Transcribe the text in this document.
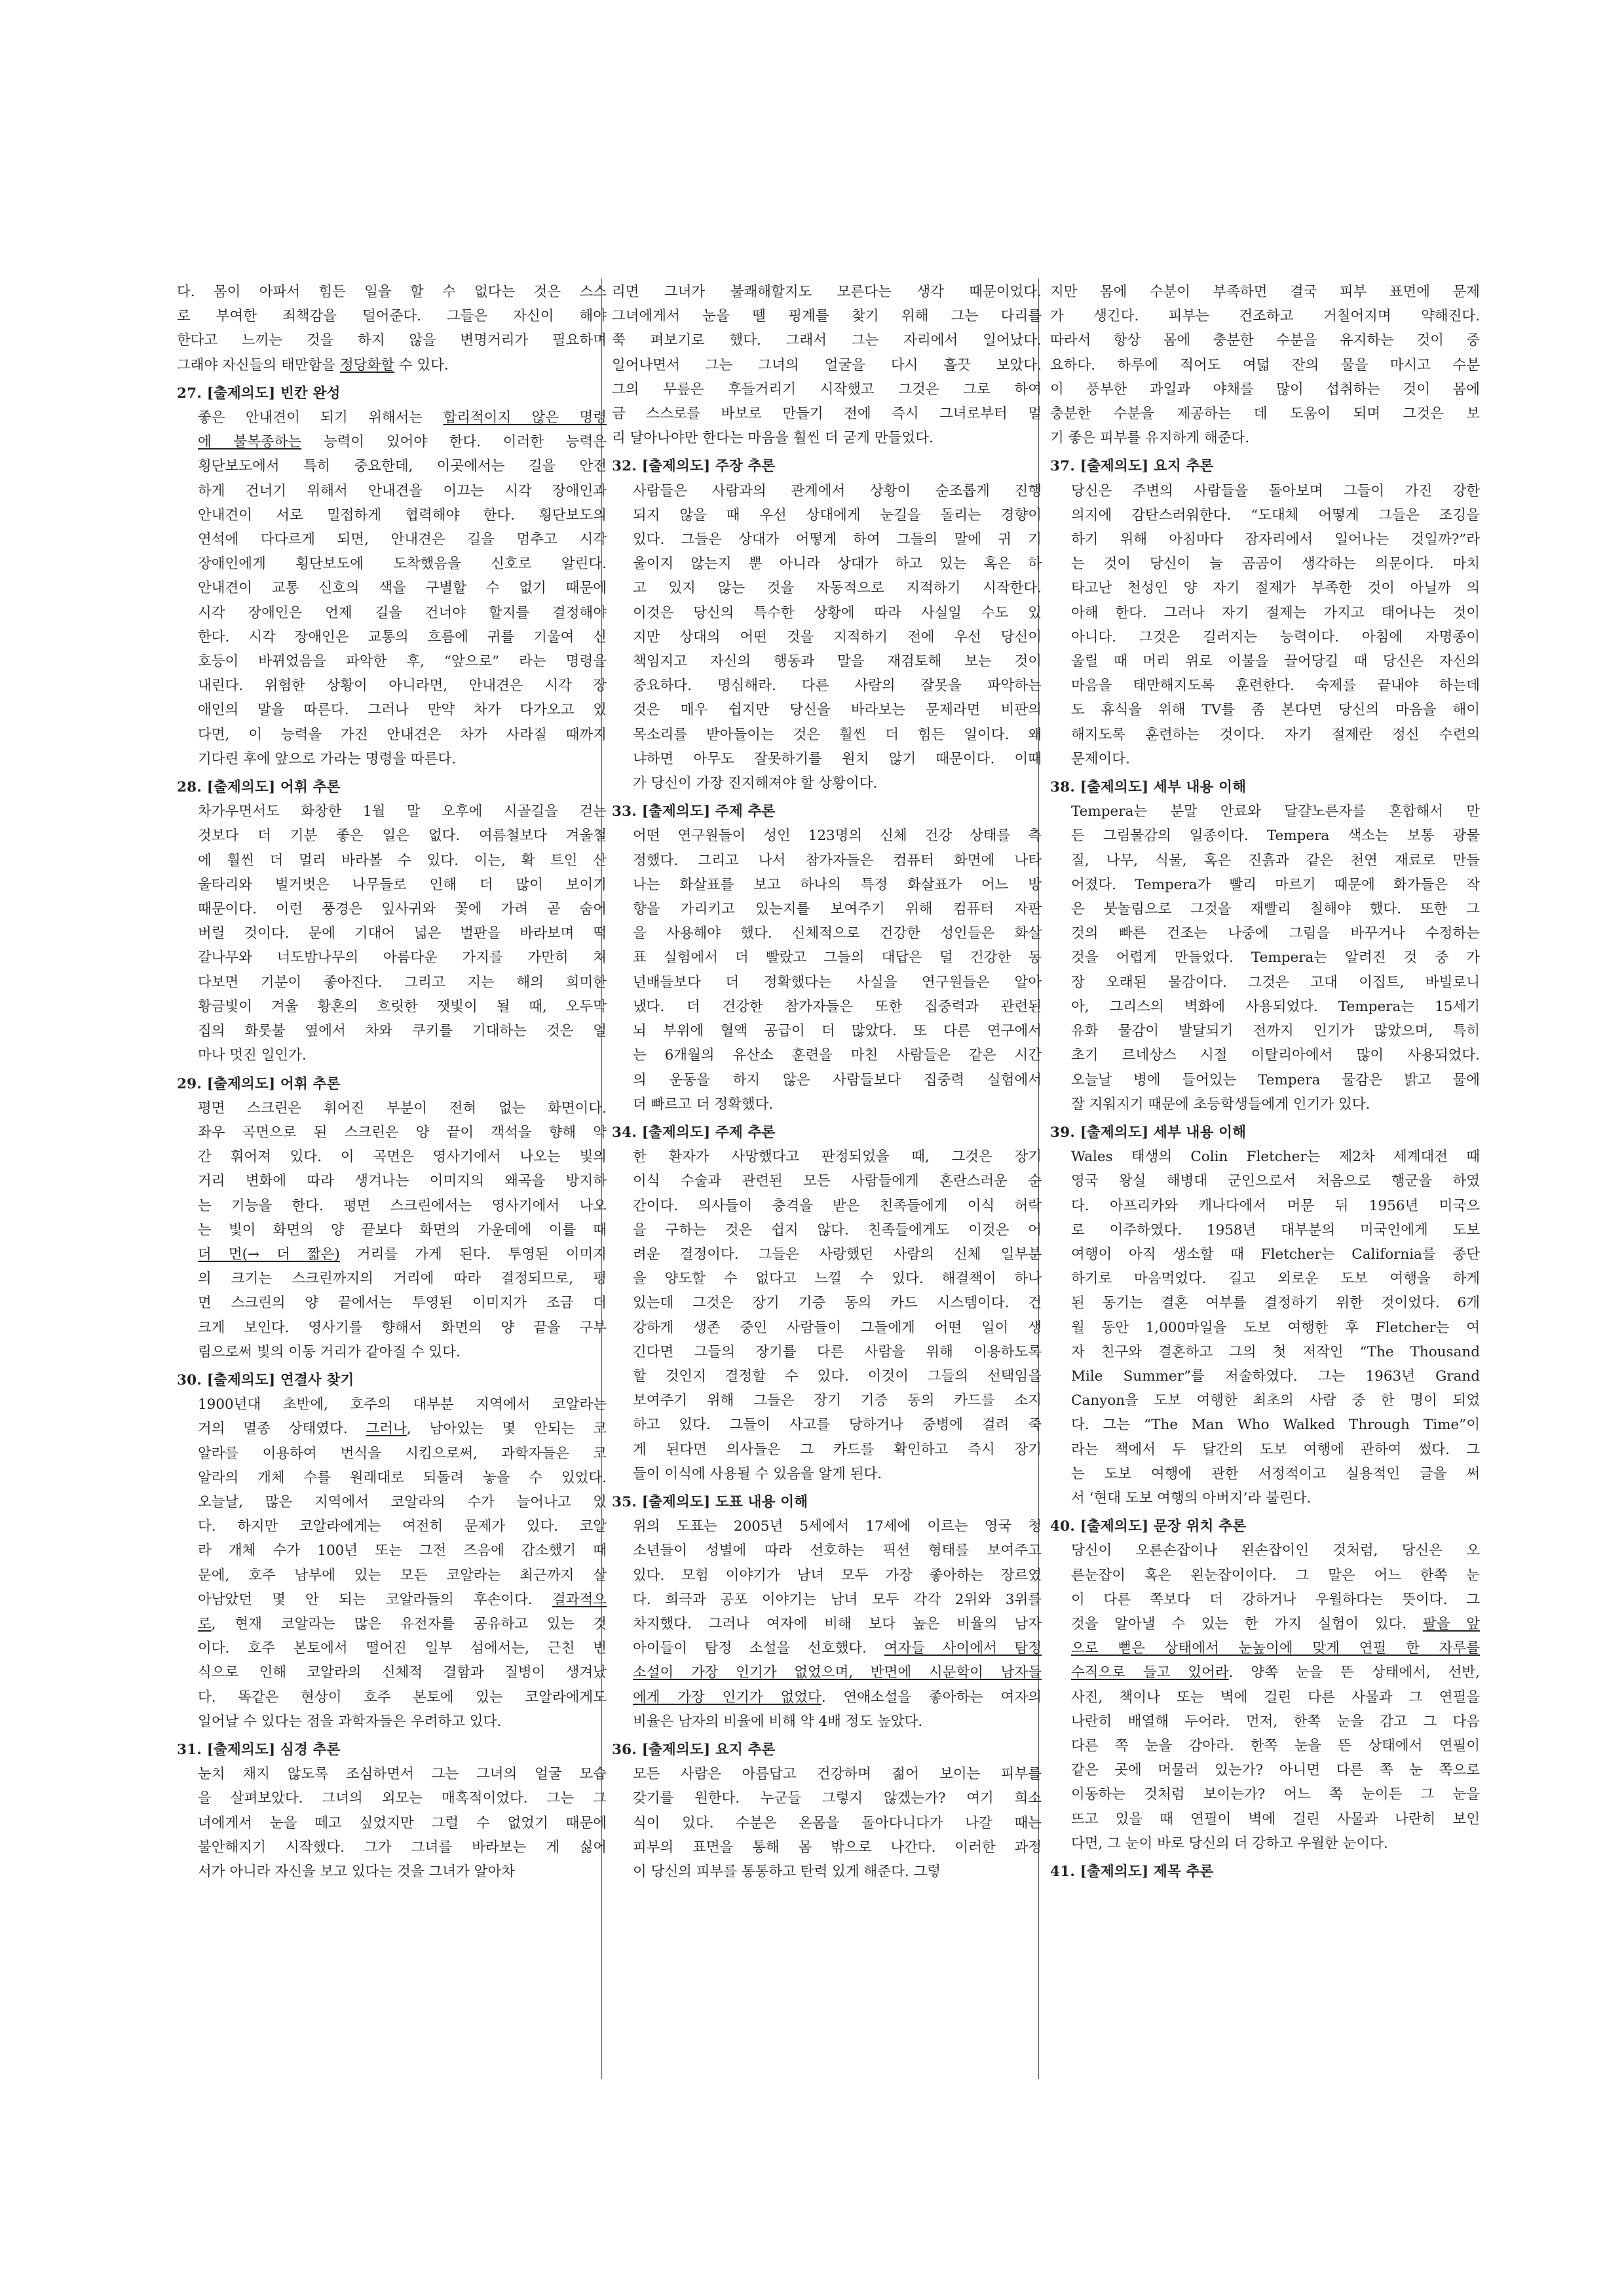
다. 몸이 아파서 힘든 일을 할 수 없다는 것은 스스

로 부여한 죄책감을 덜어준다. 그들은 자신이 해야

한다고 느끼는 것을 하지 않을 변명거리가 필요하며

그래야 자신들의 태만함을 정당화할 수 있다.

27. [출제의도] 빈칸 완성

좋은 안내견이 되기 위해서는 합리적이지 않은 명령

에 불복종하는 능력이 있어야 한다. 이러한 능력은

횡단보도에서 특히 중요한데, 이곳에서는 길을 안전

하게 건너기 위해서 안내견을 이끄는 시각 장애인과

안내견이 서로 밀접하게 협력해야 한다. 횡단보도의

연석에 다다르게 되면, 안내견은 길을 멈추고 시각

장애인에게 횡단보도에 도착했음을 신호로 알린다.

안내견이 교통 신호의 색을 구별할 수 없기 때문에

시각 장애인은 언제 길을 건너야 할지를 결정해야

한다. 시각 장애인은 교통의 흐름에 귀를 기울여 신

호등이 바뀌었음을 파악한 후, “앞으로” 라는 명령을

내린다. 위험한 상황이 아니라면, 안내견은 시각 장

애인의 말을 따른다. 그러나 만약 차가 다가오고 있

다면, 이 능력을 가진 안내견은 차가 사라질 때까지

기다린 후에 앞으로 가라는 명령을 따른다.

28. [출제의도] 어휘 추론

차가우면서도 화창한 1월 말 오후에 시골길을 걷는

것보다 더 기분 좋은 일은 없다. 여름철보다 겨울철

에 훨씬 더 멀리 바라볼 수 있다. 이는, 확 트인 산

울타리와 벌거벗은 나무들로 인해 더 많이 보이기

때문이다. 이런 풍경은 잎사귀와 꽃에 가려 곧 숨어

버릴 것이다. 문에 기대어 넓은 벌판을 바라보며 떡

갈나무와 너도밤나무의 아름다운 가지를 가만히 쳐

다보면 기분이 좋아진다. 그리고 지는 해의 희미한

황금빛이 겨울 황혼의 흐릿한 잿빛이 될 때, 오두막

집의 화롯불 옆에서 차와 쿠키를 기대하는 것은 얼

마나 멋진 일인가.

29. [출제의도] 어휘 추론

평면 스크린은 휘어진 부분이 전혀 없는 화면이다.

좌우 곡면으로 된 스크린은 양 끝이 객석을 향해 약

간 휘어져 있다. 이 곡면은 영사기에서 나오는 빛의

거리 변화에 따라 생겨나는 이미지의 왜곡을 방지하

는 기능을 한다. 평면 스크린에서는 영사기에서 나오

는 빛이 화면의 양 끝보다 화면의 가운데에 이를 때

더 먼(→ 더 짧은) 거리를 가게 된다. 투영된 이미지

의 크기는 스크린까지의 거리에 따라 결정되므로, 평

면 스크린의 양 끝에서는 투영된 이미지가 조금 더

크게 보인다. 영사기를 향해서 화면의 양 끝을 구부

림으로써 빛의 이동 거리가 같아질 수 있다.

30. [출제의도] 연결사 찾기

1900년대 초반에, 호주의 대부분 지역에서 코알라는

거의 멸종 상태였다. 그러나, 남아있는 몇 안되는 코

알라를 이용하여 번식을 시킴으로써, 과학자들은 코

알라의 개체 수를 원래대로 되돌려 놓을 수 있었다.

오늘날, 많은 지역에서 코알라의 수가 늘어나고 있

다. 하지만 코알라에게는 여전히 문제가 있다. 코알

라 개체 수가 100년 또는 그전 즈음에 감소했기 때

문에, 호주 남부에 있는 모든 코알라는 최근까지 살

아남았던 몇 안 되는 코알라들의 후손이다. 결과적으

로, 현재 코알라는 많은 유전자를 공유하고 있는 것

이다. 호주 본토에서 떨어진 일부 섬에서는, 근친 번

식으로 인해 코알라의 신체적 결함과 질병이 생겨났

다. 똑같은 현상이 호주 본토에 있는 코알라에게도

일어날 수 있다는 점을 과학자들은 우려하고 있다.

31. [출제의도] 심경 추론

눈치 채지 않도록 조심하면서 그는 그녀의 얼굴 모습

을 살펴보았다. 그녀의 외모는 매혹적이었다. 그는 그

녀에게서 눈을 떼고 싶었지만 그럴 수 없었기 때문에

불안해지기 시작했다. 그가 그녀를 바라보는 게 싫어

서가 아니라 자신을 보고 있다는 것을 그녀가 알아차

리면 그녀가 불쾌해할지도 모른다는 생각 때문이었다.

그녀에게서 눈을 뗄 핑계를 찾기 위해 그는 다리를

쭉 펴보기로 했다. 그래서 그는 자리에서 일어났다.

일어나면서 그는 그녀의 얼굴을 다시 흘끗 보았다.

그의 무릎은 후들거리기 시작했고 그것은 그로 하여

금 스스로를 바보로 만들기 전에 즉시 그녀로부터 멀

리 달아나야만 한다는 마음을 훨씬 더 굳게 만들었다.

32. [출제의도] 주장 추론

사람들은 사람과의 관계에서 상황이 순조롭게 진행

되지 않을 때 우선 상대에게 눈길을 돌리는 경향이

있다. 그들은 상대가 어떻게 하여 그들의 말에 귀 기

울이지 않는지 뿐 아니라 상대가 하고 있는 혹은 하

고 있지 않는 것을 자동적으로 지적하기 시작한다.

이것은 당신의 특수한 상황에 따라 사실일 수도 있

지만 상대의 어떤 것을 지적하기 전에 우선 당신이

책임지고 자신의 행동과 말을 재검토해 보는 것이

중요하다. 명심해라. 다른 사람의 잘못을 파악하는

것은 매우 쉽지만 당신을 바라보는 문제라면 비판의

목소리를 받아들이는 것은 훨씬 더 힘든 일이다. 왜

냐하면 아무도 잘못하기를 원치 않기 때문이다. 이때

가 당신이 가장 진지해져야 할 상황이다.

33. [출제의도] 주제 추론

어떤 연구원들이 성인 123명의 신체 건강 상태를 측

정했다. 그리고 나서 참가자들은 컴퓨터 화면에 나타

나는 화살표를 보고 하나의 특정 화살표가 어느 방

향을 가리키고 있는지를 보여주기 위해 컴퓨터 자판

을 사용해야 했다. 신체적으로 건강한 성인들은 화살

표 실험에서 더 빨랐고 그들의 대답은 덜 건강한 동

년배들보다 더 정확했다는 사실을 연구원들은 알아

냈다. 더 건강한 참가자들은 또한 집중력과 관련된

뇌 부위에 혈액 공급이 더 많았다. 또 다른 연구에서

는 6개월의 유산소 훈련을 마친 사람들은 같은 시간

의 운동을 하지 않은 사람들보다 집중력 실험에서

더 빠르고 더 정확했다.

34. [출제의도] 주제 추론

한 환자가 사망했다고 판정되었을 때, 그것은 장기

이식 수술과 관련된 모든 사람들에게 혼란스러운 순

간이다. 의사들이 충격을 받은 친족들에게 이식 허락

을 구하는 것은 쉽지 않다. 친족들에게도 이것은 어

려운 결정이다. 그들은 사랑했던 사람의 신체 일부분

을 양도할 수 없다고 느낄 수 있다. 해결책이 하나

있는데 그것은 장기 기증 동의 카드 시스템이다. 건

강하게 생존 중인 사람들이 그들에게 어떤 일이 생

긴다면 그들의 장기를 다른 사람을 위해 이용하도록

할 것인지 결정할 수 있다. 이것이 그들의 선택임을

보여주기 위해 그들은 장기 기증 동의 카드를 소지

하고 있다. 그들이 사고를 당하거나 중병에 걸려 죽

게 된다면 의사들은 그 카드를 확인하고 즉시 장기

들이 이식에 사용될 수 있음을 알게 된다.

35. [출제의도] 도표 내용 이해

위의 도표는 2005년 5세에서 17세에 이르는 영국 청

소년들이 성별에 따라 선호하는 픽션 형태를 보여주고

있다. 모험 이야기가 남녀 모두 가장 좋아하는 장르였

다. 희극과 공포 이야기는 남녀 모두 각각 2위와 3위를

차지했다. 그러나 여자에 비해 보다 높은 비율의 남자

아이들이 탐정 소설을 선호했다. 여자들 사이에서 탐정

소설이 가장 인기가 없었으며, 반면에 시문학이 남자들

에게 가장 인기가 없었다. 연애소설을 좋아하는 여자의

비율은 남자의 비율에 비해 약 4배 정도 높았다.

36. [출제의도] 요지 추론

모든 사람은 아름답고 건강하며 젊어 보이는 피부를

갖기를 원한다. 누군들 그렇지 않겠는가? 여기 희소

식이 있다. 수분은 온몸을 돌아다니다가 나갈 때는

피부의 표면을 통해 몸 밖으로 나간다. 이러한 과정

이 당신의 피부를 통통하고 탄력 있게 해준다. 그렇

지만 몸에 수분이 부족하면 결국 피부 표면에 문제

가 생긴다. 피부는 건조하고 거칠어지며 약해진다.

따라서 항상 몸에 충분한 수분을 유지하는 것이 중

요하다. 하루에 적어도 여덟 잔의 물을 마시고 수분

이 풍부한 과일과 야채를 많이 섭취하는 것이 몸에

충분한 수분을 제공하는 데 도움이 되며 그것은 보

기 좋은 피부를 유지하게 해준다.

37. [출제의도] 요지 추론

당신은 주변의 사람들을 돌아보며 그들이 가진 강한

의지에 감탄스러워한다. “도대체 어떻게 그들은 조깅을

하기 위해 아침마다 잠자리에서 일어나는 것일까?”라

는 것이 당신이 늘 곰곰이 생각하는 의문이다. 마치

타고난 천성인 양 자기 절제가 부족한 것이 아닐까 의

아해 한다. 그러나 자기 절제는 가지고 태어나는 것이

아니다. 그것은 길러지는 능력이다. 아침에 자명종이

울릴 때 머리 위로 이불을 끌어당길 때 당신은 자신의

마음을 태만해지도록 훈련한다. 숙제를 끝내야 하는데

도 휴식을 위해 TV를 좀 본다면 당신의 마음을 해이

해지도록 훈련하는 것이다. 자기 절제란 정신 수련의

문제이다.

38. [출제의도] 세부 내용 이해

Tempera는 분말 안료와 달걀노른자를 혼합해서 만

든 그림물감의 일종이다. Tempera 색소는 보통 광물

질, 나무, 식물, 혹은 진흙과 같은 천연 재료로 만들

어졌다. Tempera가 빨리 마르기 때문에 화가들은 작

은 붓놀림으로 그것을 재빨리 칠해야 했다. 또한 그

것의 빠른 건조는 나중에 그림을 바꾸거나 수정하는

것을 어렵게 만들었다. Tempera는 알려진 것 중 가

장 오래된 물감이다. 그것은 고대 이집트, 바빌로니

아, 그리스의 벽화에 사용되었다. Tempera는 15세기

유화 물감이 발달되기 전까지 인기가 많았으며, 특히

초기 르네상스 시절 이탈리아에서 많이 사용되었다.

오늘날 병에 들어있는 Tempera 물감은 밝고 물에

잘 지워지기 때문에 초등학생들에게 인기가 있다.

39. [출제의도] 세부 내용 이해

Wales 태생의 Colin Fletcher는 제2차 세계대전 때

영국 왕실 해병대 군인으로서 처음으로 행군을 하였

다. 아프리카와 캐나다에서 머문 뒤 1956년 미국으

로 이주하였다. 1958년 대부분의 미국인에게 도보

여행이 아직 생소할 때 Fletcher는 California를 종단

하기로 마음먹었다. 길고 외로운 도보 여행을 하게

된 동기는 결혼 여부를 결정하기 위한 것이었다. 6개

월 동안 1,000마일을 도보 여행한 후 Fletcher는 여

자 친구와 결혼하고 그의 첫 저작인 “The Thousand

Mile Summer”를 저술하였다. 그는 1963년 Grand

Canyon을 도보 여행한 최초의 사람 중 한 명이 되었

다. 그는 “The Man Who Walked Through Time”이

라는 책에서 두 달간의 도보 여행에 관하여 썼다. 그

는 도보 여행에 관한 서정적이고 실용적인 글을 써

서 ‘현대 도보 여행의 아버지’라 불린다.

40. [출제의도] 문장 위치 추론

당신이 오른손잡이나 왼손잡이인 것처럼, 당신은 오

른눈잡이 혹은 왼눈잡이이다. 그 말은 어느 한쪽 눈

이 다른 쪽보다 더 강하거나 우월하다는 뜻이다. 그

것을 알아낼 수 있는 한 가지 실험이 있다. 팔을 앞

으로 뻗은 상태에서 눈높이에 맞게 연필 한 자루를

수직으로 들고 있어라. 양쪽 눈을 뜬 상태에서, 선반,

사진, 책이나 또는 벽에 걸린 다른 사물과 그 연필을

나란히 배열해 두어라. 먼저, 한쪽 눈을 감고 그 다음

다른 쪽 눈을 감아라. 한쪽 눈을 뜬 상태에서 연필이

같은 곳에 머물러 있는가? 아니면 다른 쪽 눈 쪽으로

이동하는 것처럼 보이는가? 어느 쪽 눈이든 그 눈을

뜨고 있을 때 연필이 벽에 걸린 사물과 나란히 보인

다면, 그 눈이 바로 당신의 더 강하고 우월한 눈이다.

41. [출제의도] 제목 추론
